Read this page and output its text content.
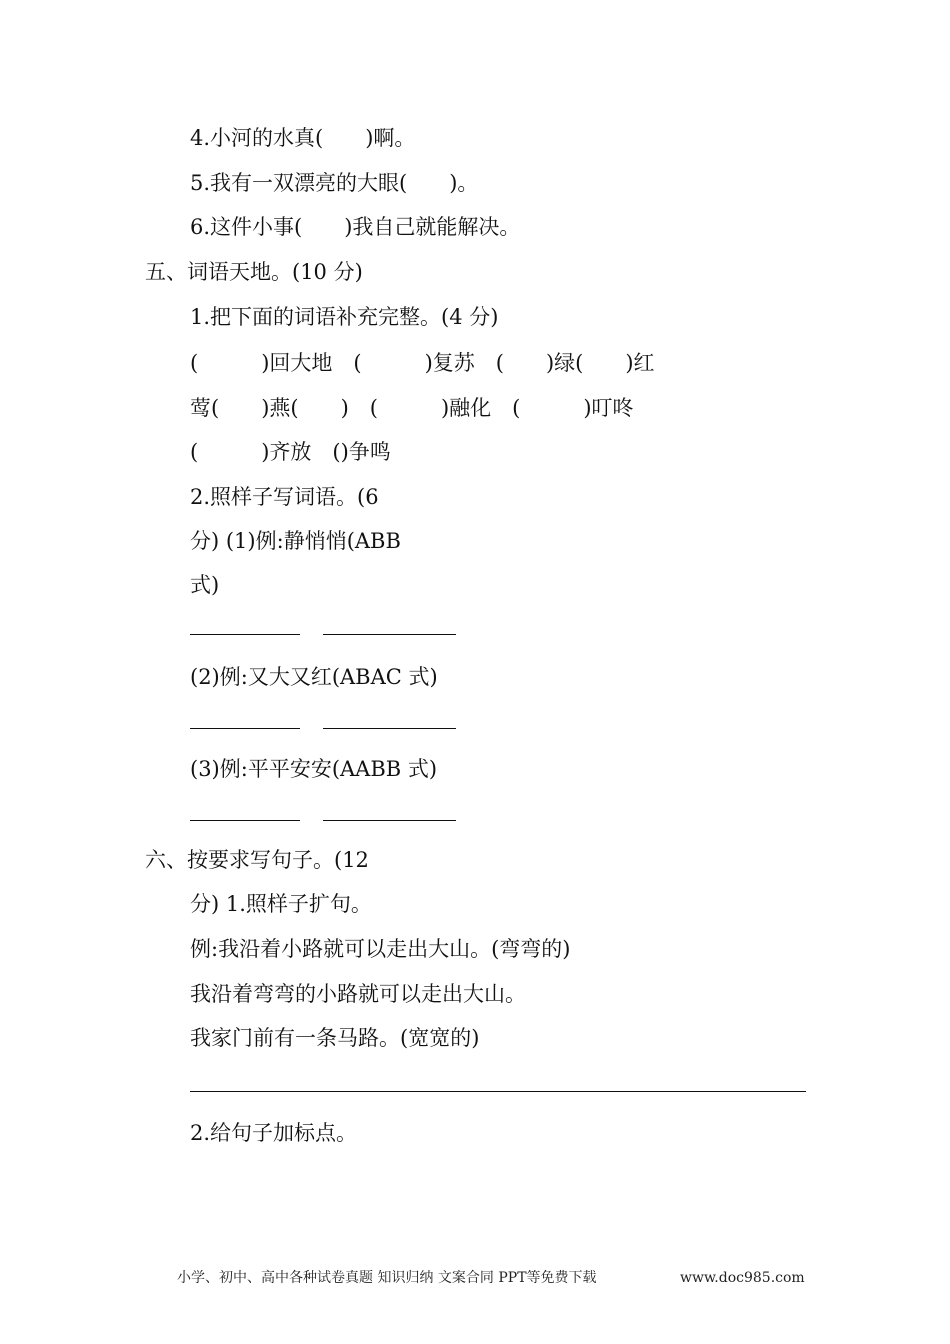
4.小河的水真(　　)啊。
5.我有一双漂亮的大眼(　　)。
6.这件小事(　　)我自己就能解决。
五、词语天地。(10 分)
1.把下面的词语补充完整。(4 分)
(　　　)回大地　(　　　)复苏　(　　)绿(　　)红
莺(　　)燕(　　)　(　　　)融化　(　　　)叮咚
(　　　)齐放　()争鸣
2.照样子写词语。(6
分) (1)例:静悄悄(ABB
式)
(2)例:又大又红(ABAC 式)
(3)例:平平安安(AABB 式)
六、按要求写句子。(12
分) 1.照样子扩句。
例:我沿着小路就可以走出大山。(弯弯的)
我沿着弯弯的小路就可以走出大山。
我家门前有一条马路。(宽宽的)
2.给句子加标点。
小学、初中、高中各种试卷真题 知识归纳 文案合同 PPT等免费下载	www.doc985.com
